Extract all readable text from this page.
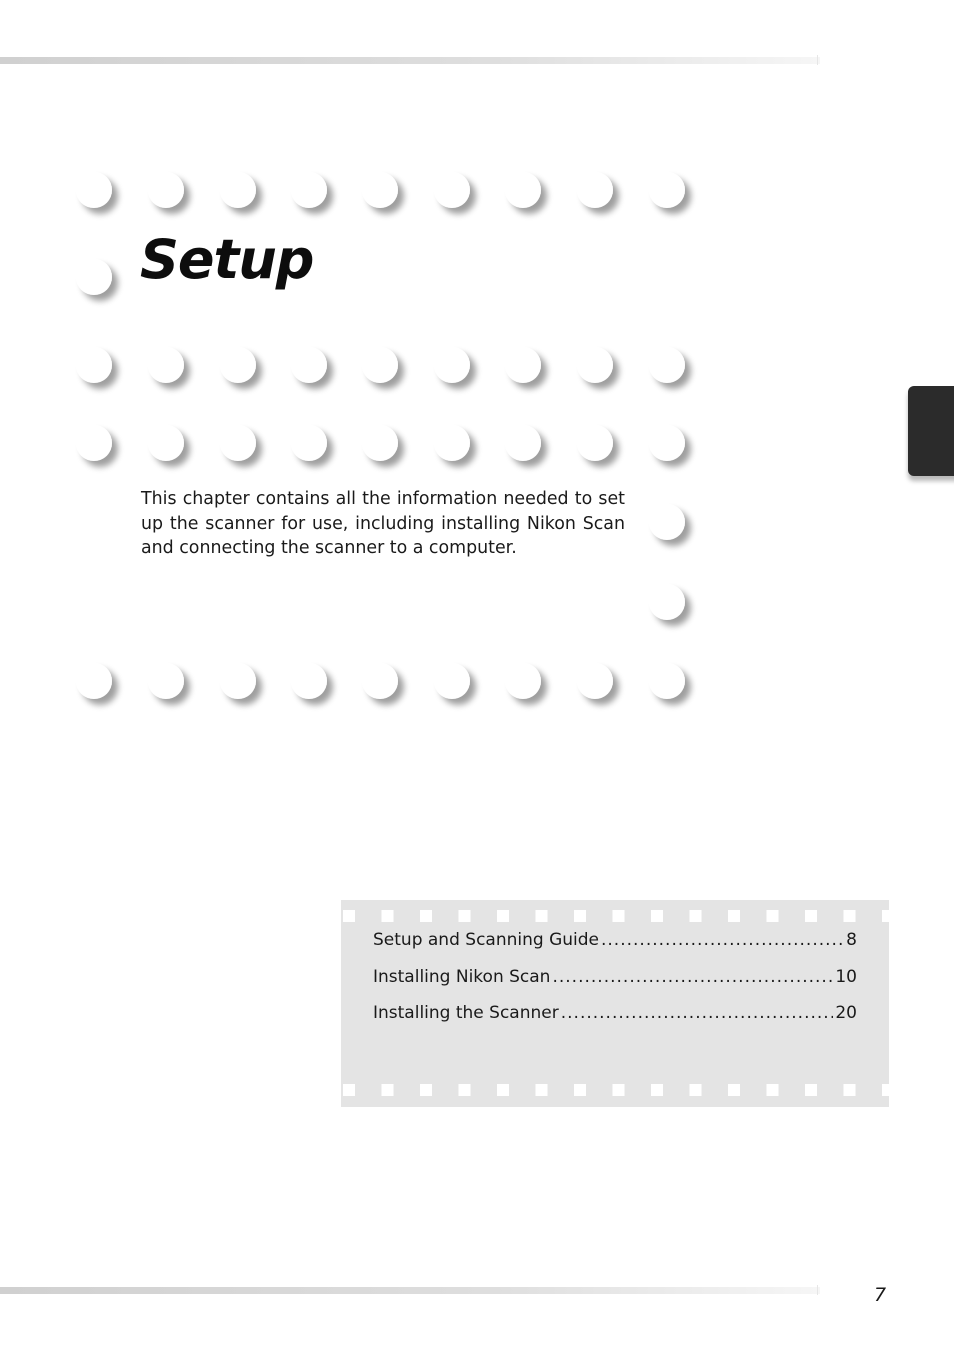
Setup

This chapter contains all the information needed to set up the scanner for use, including installing Nikon Scan and connecting the scanner to a computer.

Setup and Scanning Guide .....	8
Installing Nikon Scan .....	10
Installing the Scanner .....	20
7
